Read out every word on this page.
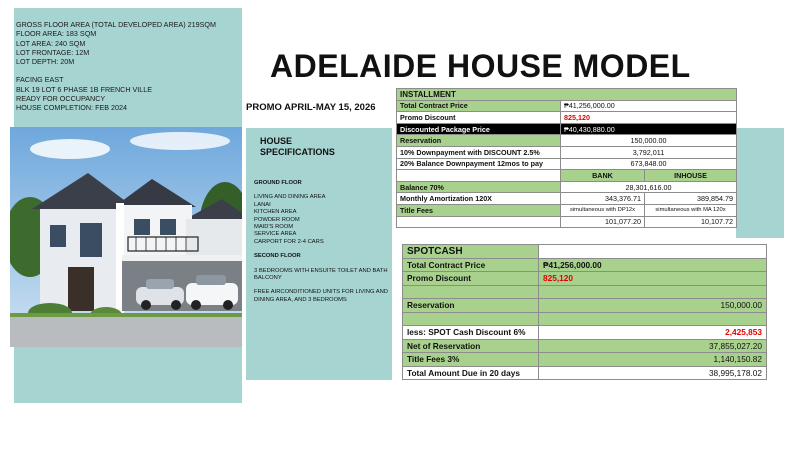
GROSS FLOOR AREA (TOTAL DEVELOPED AREA) 219SQM
FLOOR AREA: 183 SQM
LOT AREA: 240 SQM
LOT FRONTAGE: 12M
LOT DEPTH: 20M
FACING EAST
BLK 19 LOT 6 PHASE 1B FRENCH VILLE
READY FOR OCCUPANCY
HOUSE COMPLETION: FEB 2024
ADELAIDE HOUSE MODEL
PROMO APRIL-MAY 15, 2026
HOUSE
SPECIFICATIONS
GROUND FLOOR
LIVING AND DINING AREA
LANAI
KITCHEN AREA
POWDER ROOM
MAID'S ROOM
SERVICE AREA
CARPORT FOR 2-4 CARS
SECOND FLOOR
3 BEDROOMS WITH ENSUITE TOILET AND BATH
BALCONY
FREE AIRCONDITIONED UNITS FOR LIVING AND DINING AREA, AND 3 BEDROOMS
INSTALLMENT		
Total Contract Price	₱41,256,000.00	
Promo Discount	825,120	
Discounted Package Price	₱40,430,880.00	
Reservation	150,000.00	
10% Downpayment with DISCOUNT 2.5%	3,792,011	
20% Balance Downpayment 12mos to pay	673,848.00	
	BANK	INHOUSE
Balance 70%	28,301,616.00	
Monthly Amortization 120X	343,376.71	389,854.79
Title Fees	simultaneous with DP12x	simultaneous with MA 120x
	101,077.20	10,107.72
SPOTCASH	
Total Contract Price	₱41,256,000.00
Promo Discount	825,120

Reservation	150,000.00

less: SPOT Cash Discount 6%	2,425,853
Net of Reservation	37,855,027.20
Title Fees 3%	1,140,150.82
Total Amount Due in 20 days	38,995,178.02
